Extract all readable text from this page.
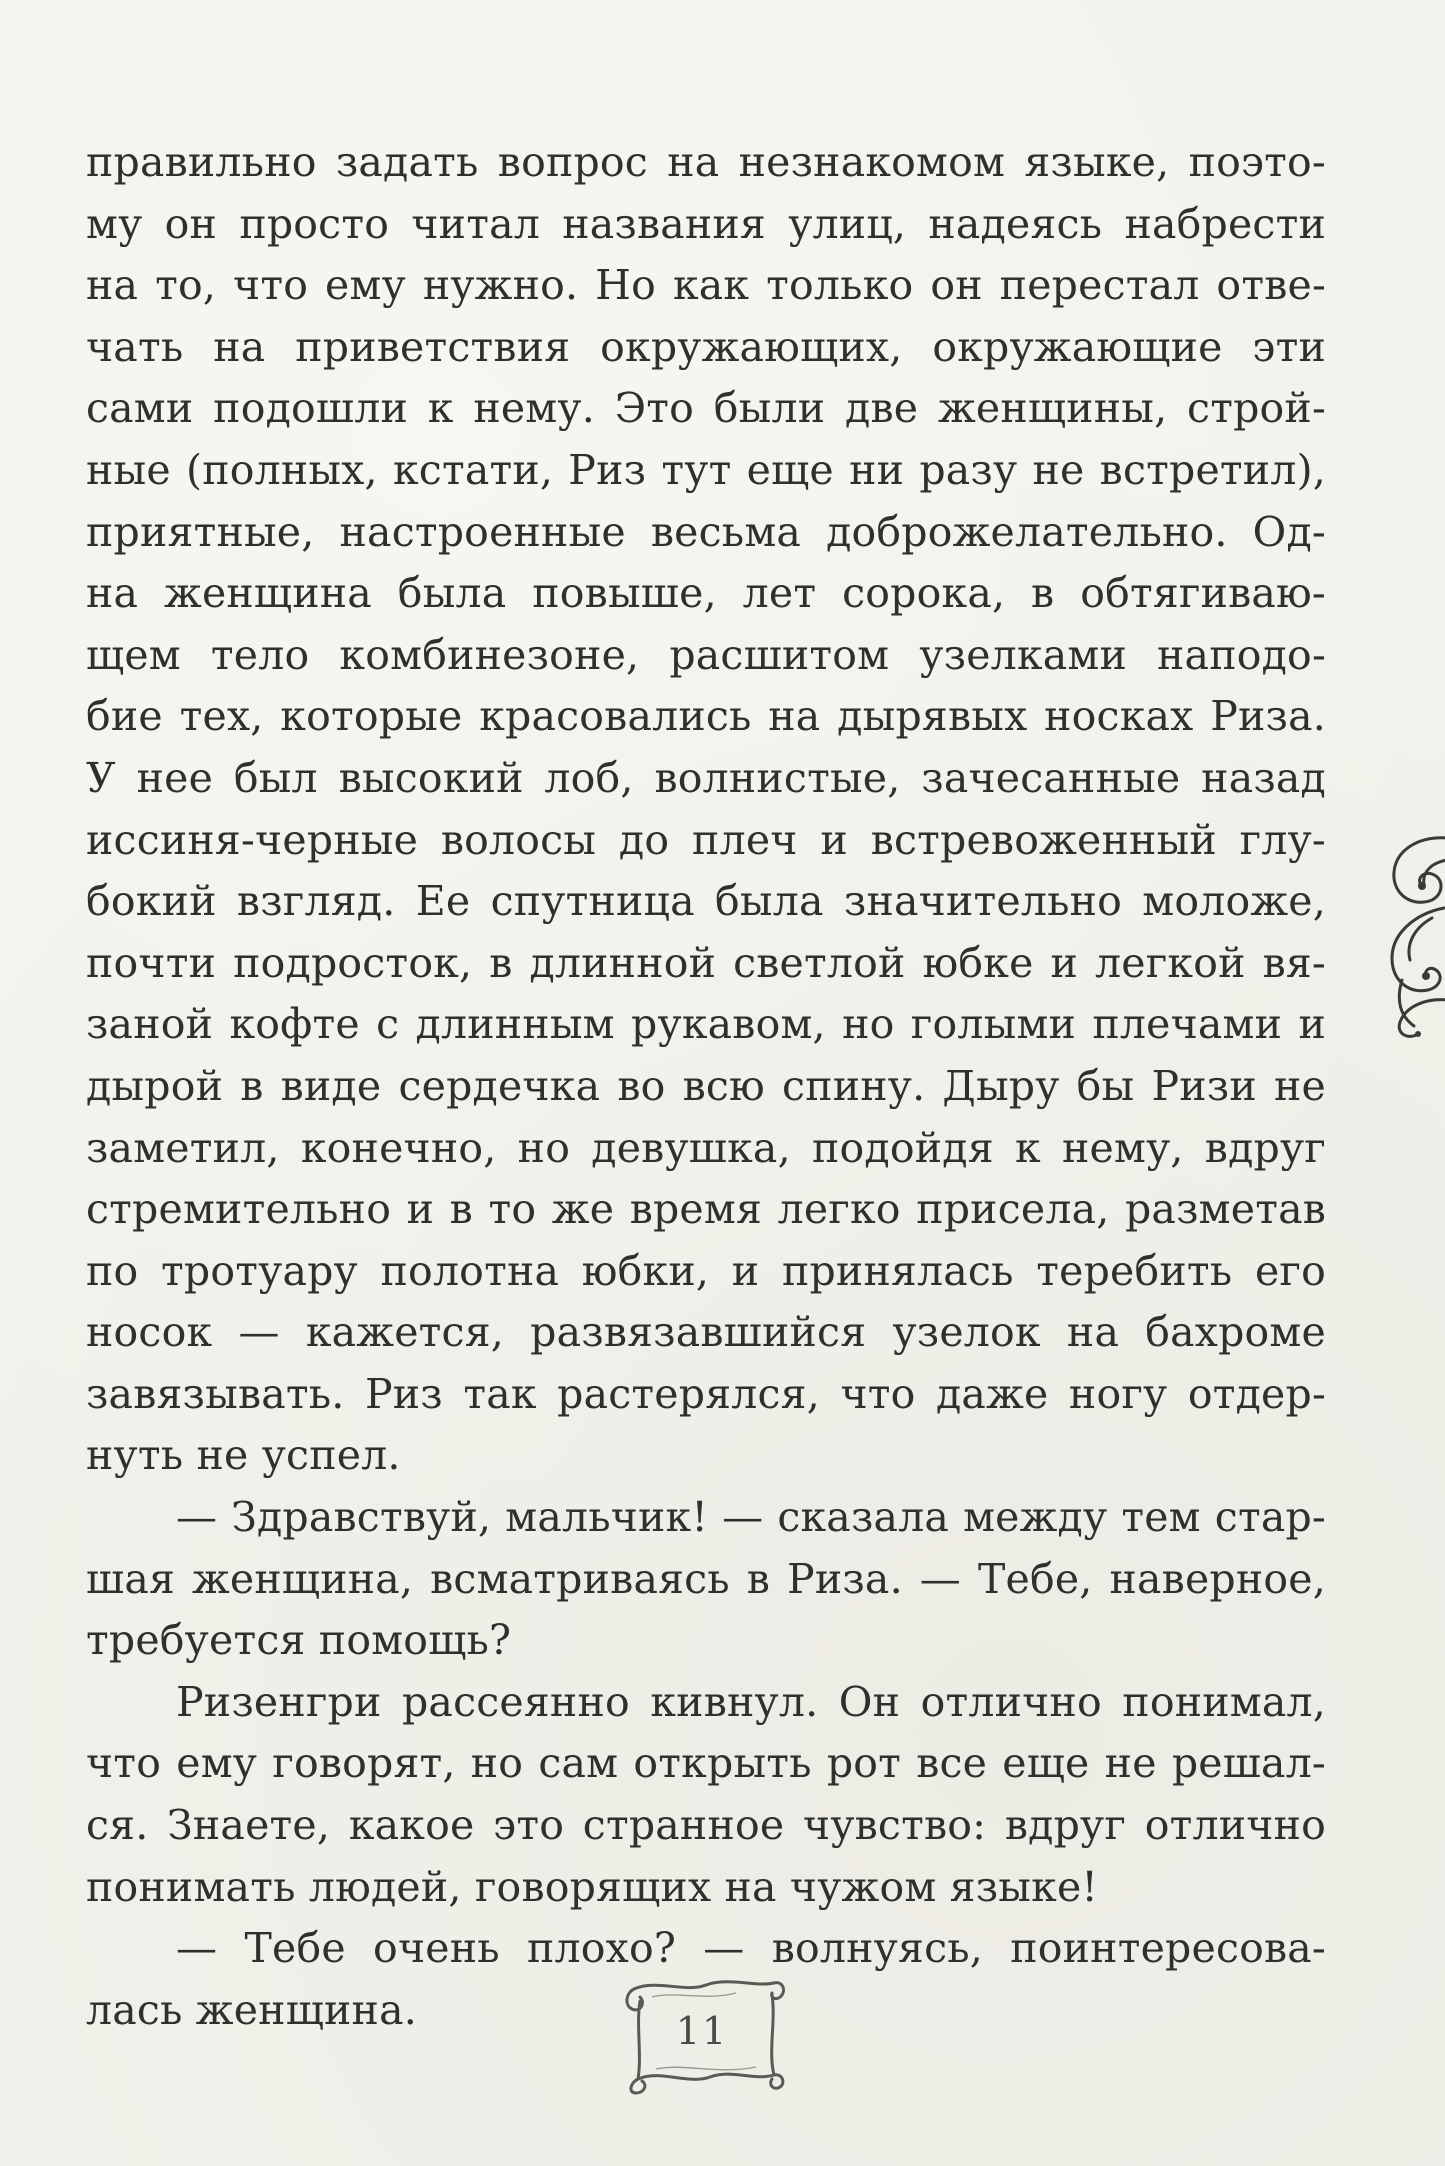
правильно задать вопрос на незнакомом языке, поэто-
му он просто читал названия улиц, надеясь набрести
на то, что ему нужно. Но как только он перестал отве-
чать на приветствия окружающих, окружающие эти
сами подошли к нему. Это были две женщины, строй-
ные (полных, кстати, Риз тут еще ни разу не встретил),
приятные, настроенные весьма доброжелательно. Од-
на женщина была повыше, лет сорока, в обтягиваю-
щем тело комбинезоне, расшитом узелками наподо-
бие тех, которые красовались на дырявых носках Риза.
У нее был высокий лоб, волнистые, зачесанные назад
иссиня-черные волосы до плеч и встревоженный глу-
бокий взгляд. Ее спутница была значительно моложе,
почти подросток, в длинной светлой юбке и легкой вя-
заной кофте с длинным рукавом, но голыми плечами и
дырой в виде сердечка во всю спину. Дыру бы Ризи не
заметил, конечно, но девушка, подойдя к нему, вдруг
стремительно и в то же время легко присела, разметав
по тротуару полотна юбки, и принялась теребить его
носок — кажется, развязавшийся узелок на бахроме
завязывать. Риз так растерялся, что даже ногу отдер-
нуть не успел.
— Здравствуй, мальчик! — сказала между тем стар-
шая женщина, всматриваясь в Риза. — Тебе, наверное,
требуется помощь?
Ризенгри рассеянно кивнул. Он отлично понимал,
что ему говорят, но сам открыть рот все еще не решал-
ся. Знаете, какое это странное чувство: вдруг отлично
понимать людей, говорящих на чужом языке!
— Тебе очень плохо? — волнуясь, поинтересова-
лась женщина.	11
